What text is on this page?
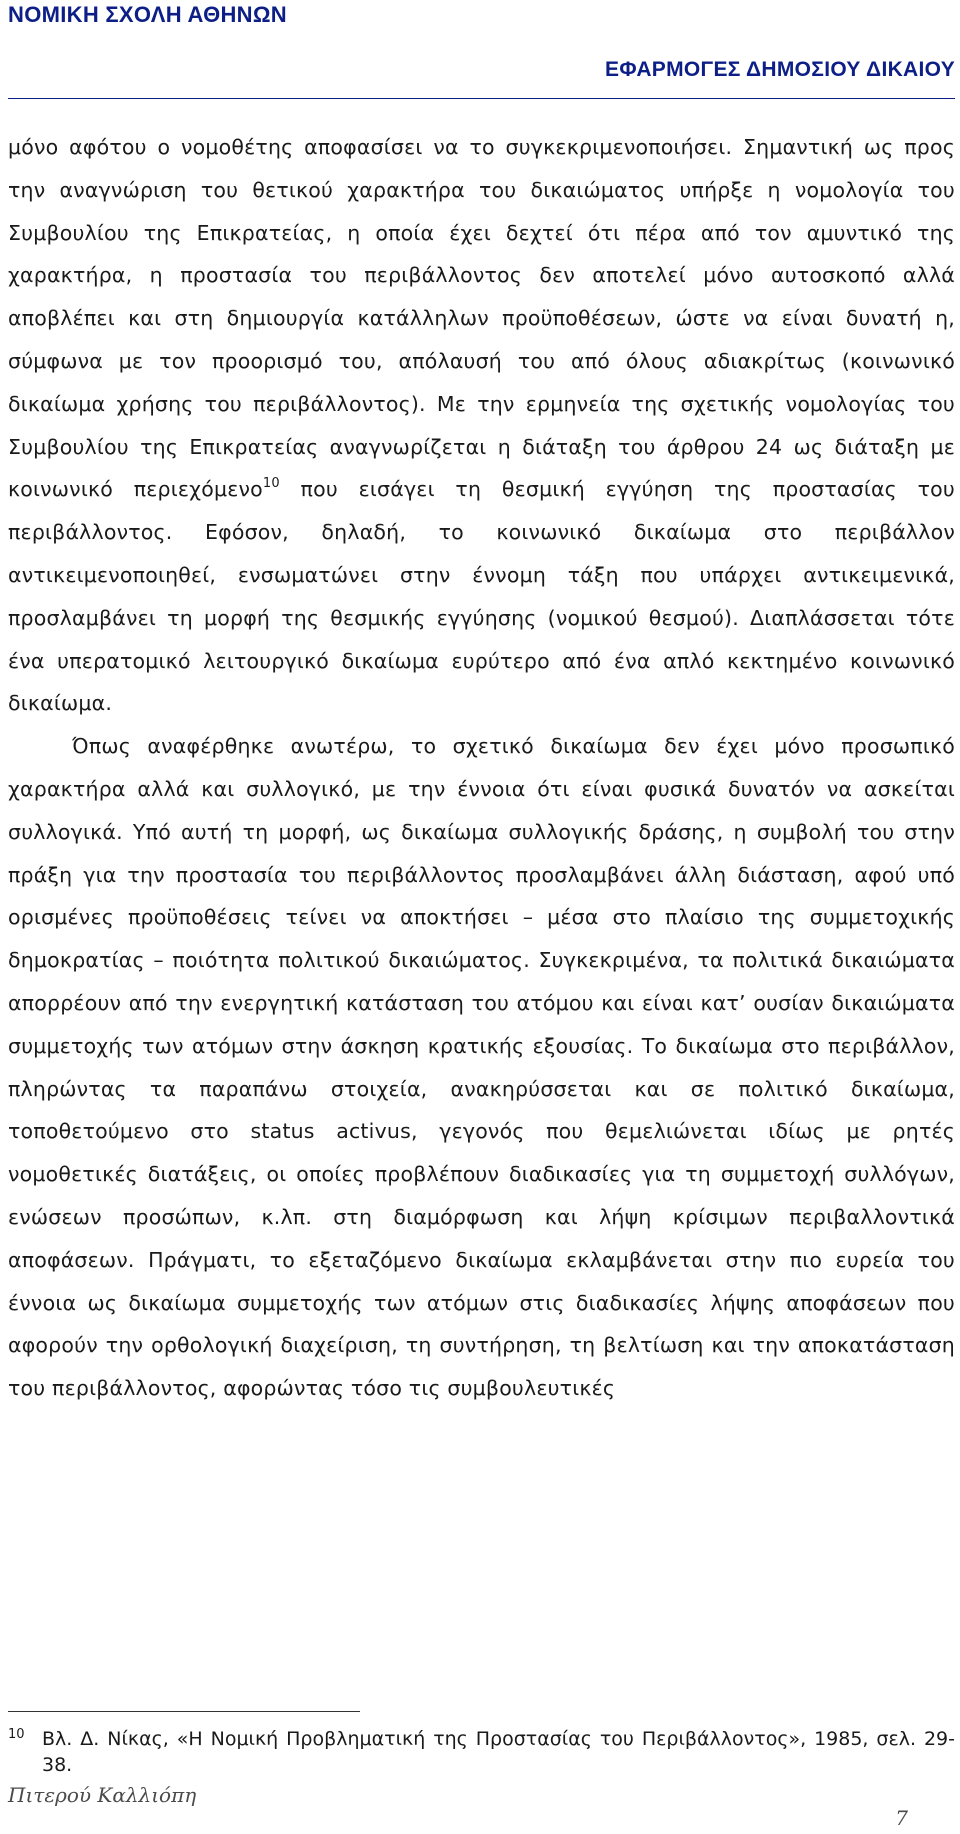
ΝΟΜΙΚΗ ΣΧΟΛΗ ΑΘΗΝΩΝ
ΕΦΑΡΜΟΓΕΣ ΔΗΜΟΣΙΟΥ ΔΙΚΑΙΟΥ

μόνο αφότου ο νομοθέτης αποφασίσει να το συγκεκριμενοποιήσει. Σημαντική ως προς την αναγνώριση του θετικού χαρακτήρα του δικαιώματος υπήρξε η νομολογία του Συμβουλίου της Επικρατείας, η οποία έχει δεχτεί ότι πέρα από τον αμυντικό της χαρακτήρα, η προστασία του περιβάλλοντος δεν αποτελεί μόνο αυτοσκοπό αλλά αποβλέπει και στη δημιουργία κατάλληλων προϋποθέσεων, ώστε να είναι δυνατή η, σύμφωνα με τον προορισμό του, απόλαυσή του από όλους αδιακρίτως (κοινωνικό δικαίωμα χρήσης του περιβάλλοντος). Με την ερμηνεία της σχετικής νομολογίας του Συμβουλίου της Επικρατείας αναγνωρίζεται η διάταξη του άρθρου 24 ως διάταξη με κοινωνικό περιεχόμενο$^{10}$ που εισάγει τη θεσμική εγγύηση της προστασίας του περιβάλλοντος. Εφόσον, δηλαδή, το κοινωνικό δικαίωμα στο περιβάλλον αντικειμενοποιηθεί, ενσωματώνει στην έννομη τάξη που υπάρχει αντικειμενικά, προσλαμβάνει τη μορφή της θεσμικής εγγύησης (νομικού θεσμού). Διαπλάσσεται τότε ένα υπερατομικό λειτουργικό δικαίωμα ευρύτερο από ένα απλό κεκτημένο κοινωνικό δικαίωμα.

Όπως αναφέρθηκε ανωτέρω, το σχετικό δικαίωμα δεν έχει μόνο προσωπικό χαρακτήρα αλλά και συλλογικό, με την έννοια ότι είναι φυσικά δυνατόν να ασκείται συλλογικά. Υπό αυτή τη μορφή, ως δικαίωμα συλλογικής δράσης, η συμβολή του στην πράξη για την προστασία του περιβάλλοντος προσλαμβάνει άλλη διάσταση, αφού υπό ορισμένες προϋποθέσεις τείνει να αποκτήσει – μέσα στο πλαίσιο της συμμετοχικής δημοκρατίας – ποιότητα πολιτικού δικαιώματος. Συγκεκριμένα, τα πολιτικά δικαιώματα απορρέουν από την ενεργητική κατάσταση του ατόμου και είναι κατ’ ουσίαν δικαιώματα συμμετοχής των ατόμων στην άσκηση κρατικής εξουσίας. Το δικαίωμα στο περιβάλλον, πληρώντας τα παραπάνω στοιχεία, ανακηρύσσεται και σε πολιτικό δικαίωμα, τοποθετούμενο στο status activus, γεγονός που θεμελιώνεται ιδίως με ρητές νομοθετικές διατάξεις, οι οποίες προβλέπουν διαδικασίες για τη συμμετοχή συλλόγων, ενώσεων προσώπων, κ.λπ. στη διαμόρφωση και λήψη κρίσιμων περιβαλλοντικά αποφάσεων. Πράγματι, το εξεταζόμενο δικαίωμα εκλαμβάνεται στην πιο ευρεία του έννοια ως δικαίωμα συμμετοχής των ατόμων στις διαδικασίες λήψης αποφάσεων που αφορούν την ορθολογική διαχείριση, τη συντήρηση, τη βελτίωση και την αποκατάσταση του περιβάλλοντος, αφορώντας τόσο τις συμβουλευτικές

10 Βλ. Δ. Νίκας, «Η Νομική Προβληματική της Προστασίας του Περιβάλλοντος», 1985, σελ. 29-38.
Πιτερού Καλλιόπη
7
